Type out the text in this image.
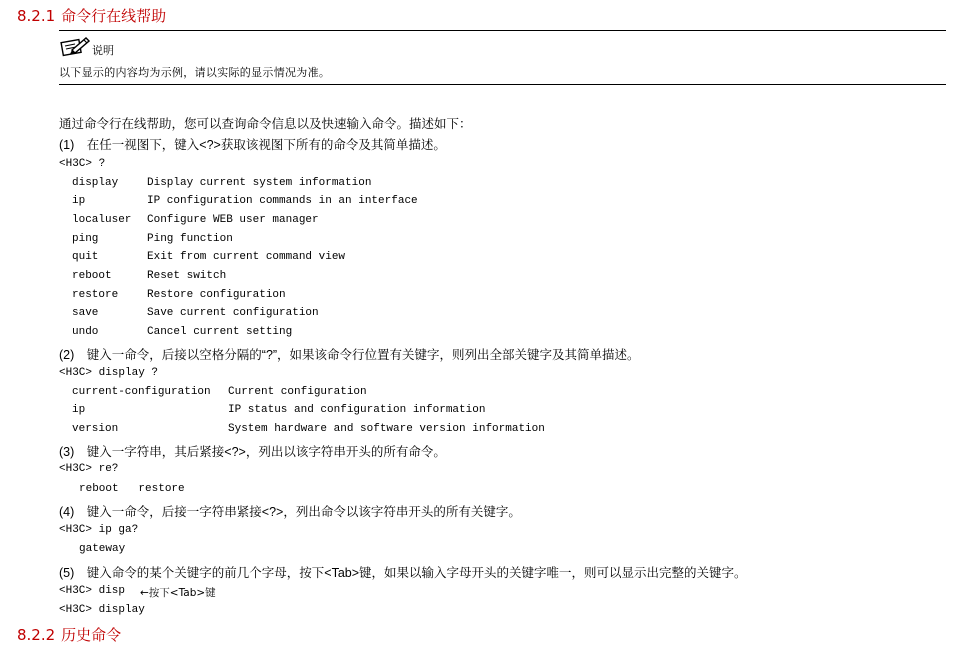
8.2.1 命令行在线帮助
说明
以下显示的内容均为示例，请以实际的显示情况为准。
通过命令行在线帮助，您可以查询命令信息以及快速输入命令。描述如下：
(1)　在任一视图下，键入<?>获取该视图下所有的命令及其简单描述。
<H3C> ?
display	Display current system information
ip	IP configuration commands in an interface
localuser Configure WEB user manager
ping	Ping function
quit	Exit from current command view
reboot	Reset switch
restore	Restore configuration
save	Save current configuration
undo	Cancel current setting
(2)　键入一命令，后接以空格分隔的“?”，如果该命令行位置有关键字，则列出全部关键字及其简单描述。
<H3C> display ?
current-configuration Current configuration
ip	IP status and configuration information
version	System hardware and software version information
(3)　键入一字符串，其后紧接<?>，列出以该字符串开头的所有命令。
<H3C> re?
reboot   restore
(4)　键入一命令，后接一字符串紧接<?>，列出命令以该字符串开头的所有关键字。
<H3C> ip ga?
gateway
(5)　键入命令的某个关键字的前几个字母，按下<Tab>键，如果以输入字母开头的关键字唯一，则可以显示出完整的关键字。
<H3C> disp ←按下<Tab>键
<H3C> display
8.2.2 历史命令
